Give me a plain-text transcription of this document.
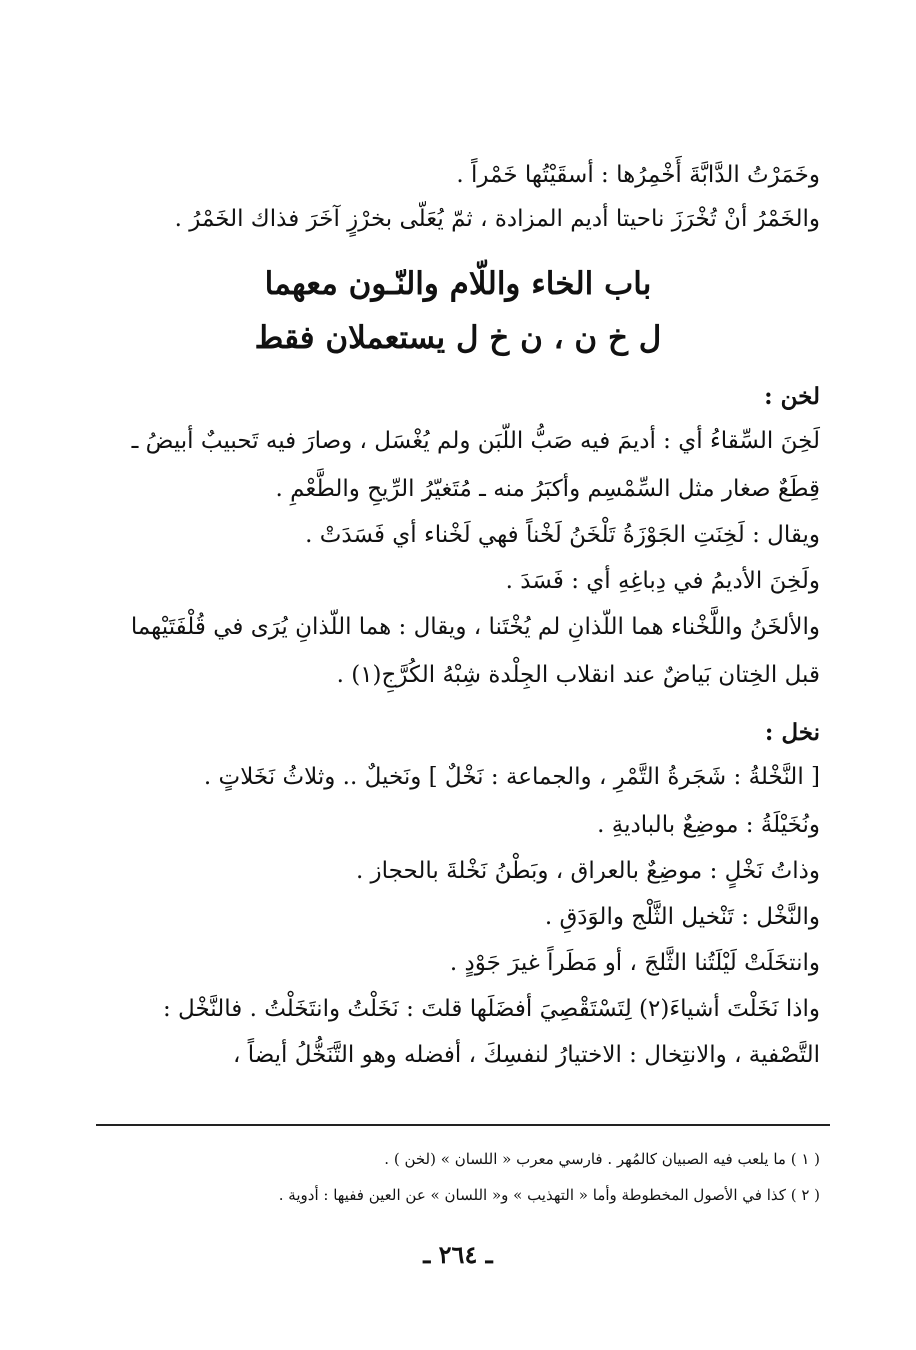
وخَمَرْتُ الدَّابَّةَ أَخْمِرُها : أسقَيْتُها خَمْراً .
والخَمْرُ أنْ تُخْرَزَ ناحيتا أديم المزادة ، ثمّ يُعَلّى بخرْزٍ آخَرَ فذاك الخَمْرُ .
باب الخاء واللّام والنّـون معهما
ل خ ن ، ن خ ل يستعملان فقط
لخن :
لَخِنَ السِّقاءُ أي : أديمَ فيه صَبُّ اللّبَن ولم يُغْسَل ، وصارَ فيه تَحبيبٌ أبيضُ ـ
قِطَعٌ صغار مثل السِّمْسِم وأكبَرُ منه ـ مُتَغيّرُ الرِّيحِ والطَّعْمِ .
ويقال : لَخِنَتِ الجَوْزَةُ تَلْخَنُ لَخْناً فهي لَخْناء أي فَسَدَتْ .
ولَخِنَ الأديمُ في دِباغِهِ أي : فَسَدَ .
والألخَنُ واللَّخْناء هما اللّذانِ لم يُخْتَنا ، ويقال : هما اللّذانِ يُرَى في قُلْفَتَيْهما
قبل الخِتان بَياضٌ عند انقلاب الجِلْدة شِبْهُ الكُرَّجِ(١) .
نخل :
[ النَّخْلةُ : شَجَرةُ التَّمْرِ ، والجماعة : نَخْلٌ ] ونَخيلٌ .. وثلاثُ نَخَلاتٍ .
ونُخَيْلَةُ : موضِعٌ بالباديةِ .
وذاتُ نَخْلٍ : موضِعٌ بالعراق ، وبَطْنُ نَخْلةَ بالحجاز .
والنَّخْل : تَنْخيل الثَّلْج والوَدَقِ .
وانتخَلَتْ لَيْلَتُنا الثَّلجَ ، أو مَطَراً غيرَ جَوْدٍ .
واذا نَخَلْتَ أشياءَ(٢) لِتَسْتَقْصِيَ أفضَلَها قلتَ : نَخَلْتُ وانتَخَلْتُ . فالنَّخْل :
التَّصْفية ، والانتِخال : الاختيارُ لنفسِكَ ، أفضله وهو التَّنَخُّلُ أيضاً ،
( ١ ) ما يلعب فيه الصبيان كالمُهر . فارسي معرب « اللسان » (لخن ) .
( ٢ ) كذا في الأصول المخطوطة وأما « التهذيب » و« اللسان » عن العين ففيها : أدوية .
ـ ٢٦٤ ـ
